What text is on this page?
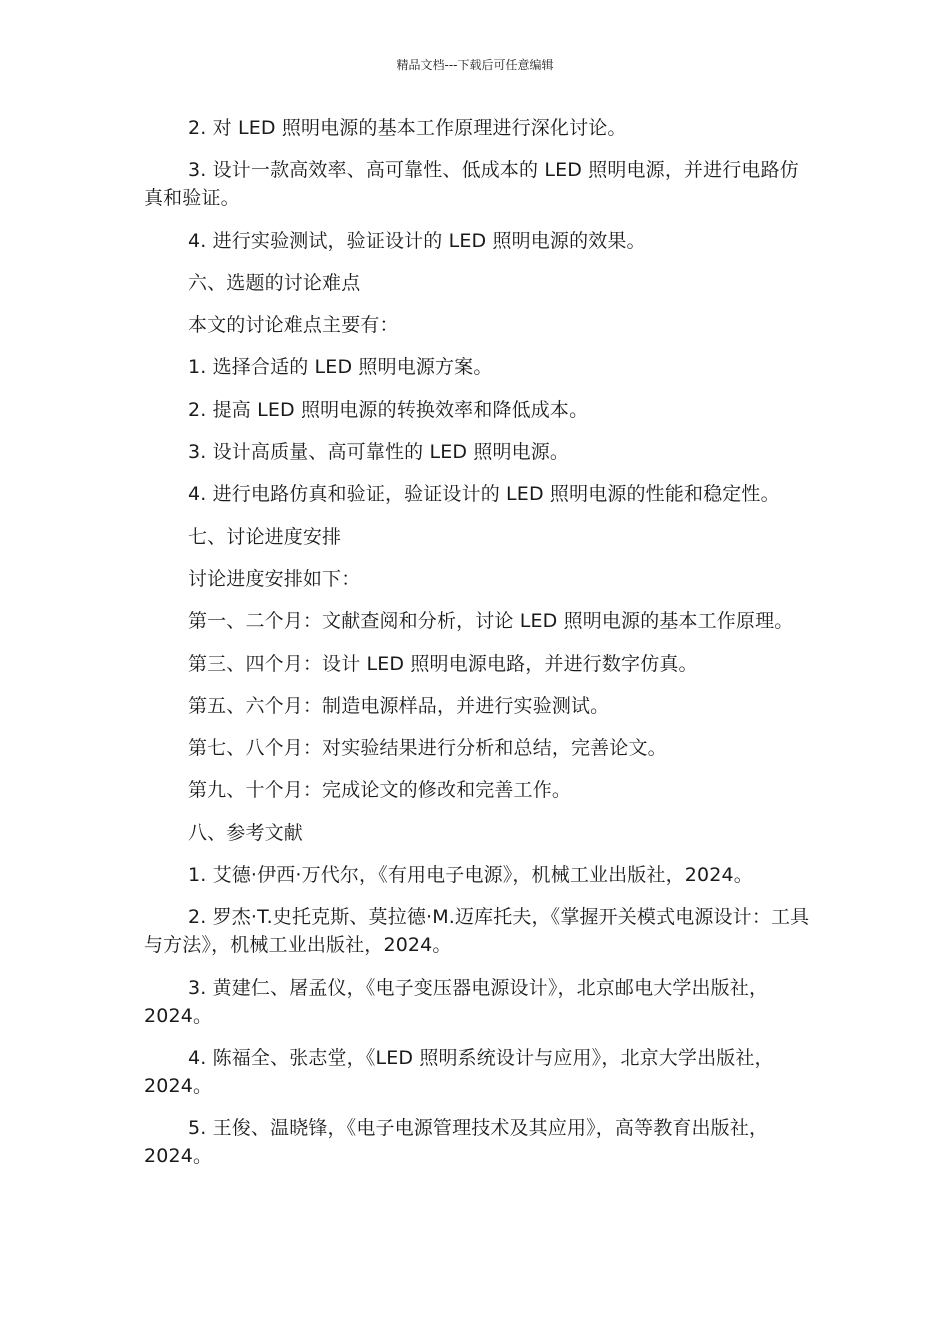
精品文档---下载后可任意编辑

2. 对 LED 照明电源的基本工作原理进行深化讨论。

3. 设计一款高效率、高可靠性、低成本的 LED 照明电源，并进行电路仿真和验证。

4. 进行实验测试，验证设计的 LED 照明电源的效果。

六、选题的讨论难点

本文的讨论难点主要有：

1. 选择合适的 LED 照明电源方案。

2. 提高 LED 照明电源的转换效率和降低成本。

3. 设计高质量、高可靠性的 LED 照明电源。

4. 进行电路仿真和验证，验证设计的 LED 照明电源的性能和稳定性。

七、讨论进度安排

讨论进度安排如下：

第一、二个月：文献查阅和分析，讨论 LED 照明电源的基本工作原理。

第三、四个月：设计 LED 照明电源电路，并进行数字仿真。

第五、六个月：制造电源样品，并进行实验测试。

第七、八个月：对实验结果进行分析和总结，完善论文。

第九、十个月：完成论文的修改和完善工作。

八、参考文献

1. 艾德·伊西·万代尔，《有用电子电源》，机械工业出版社，2024。

2. 罗杰·T.史托克斯、莫拉德·M.迈库托夫，《掌握开关模式电源设计：工具与方法》，机械工业出版社，2024。

3. 黄建仁、屠孟仪，《电子变压器电源设计》，北京邮电大学出版社，2024。

4. 陈福全、张志堂，《LED 照明系统设计与应用》，北京大学出版社，2024。

5. 王俊、温晓锋，《电子电源管理技术及其应用》，高等教育出版社，2024。
